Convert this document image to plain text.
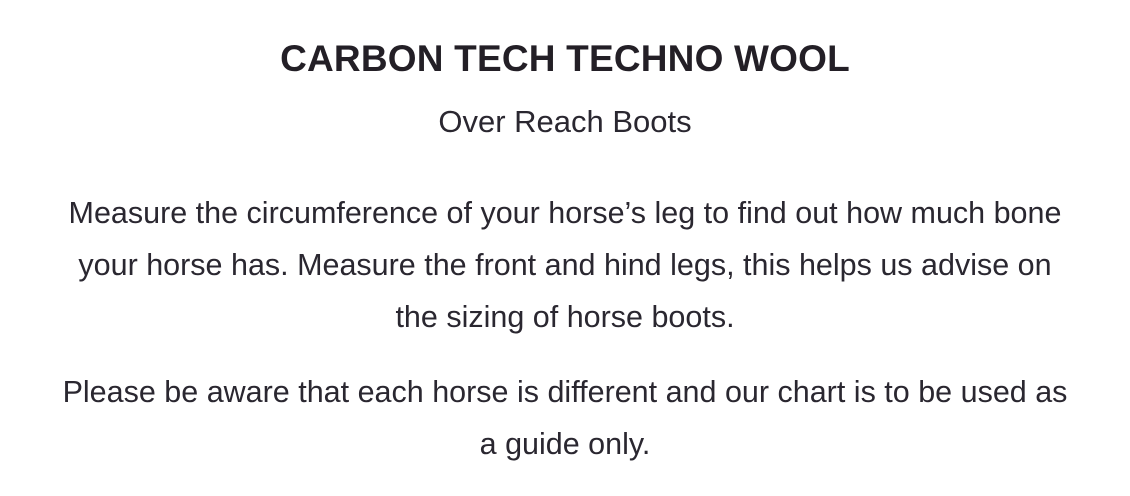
CARBON TECH TECHNO WOOL
Over Reach Boots

Measure the circumference of your horse’s leg to find out how much bone your horse has. Measure the front and hind legs, this helps us advise on the sizing of horse boots.

Please be aware that each horse is different and our chart is to be used as a guide only.
